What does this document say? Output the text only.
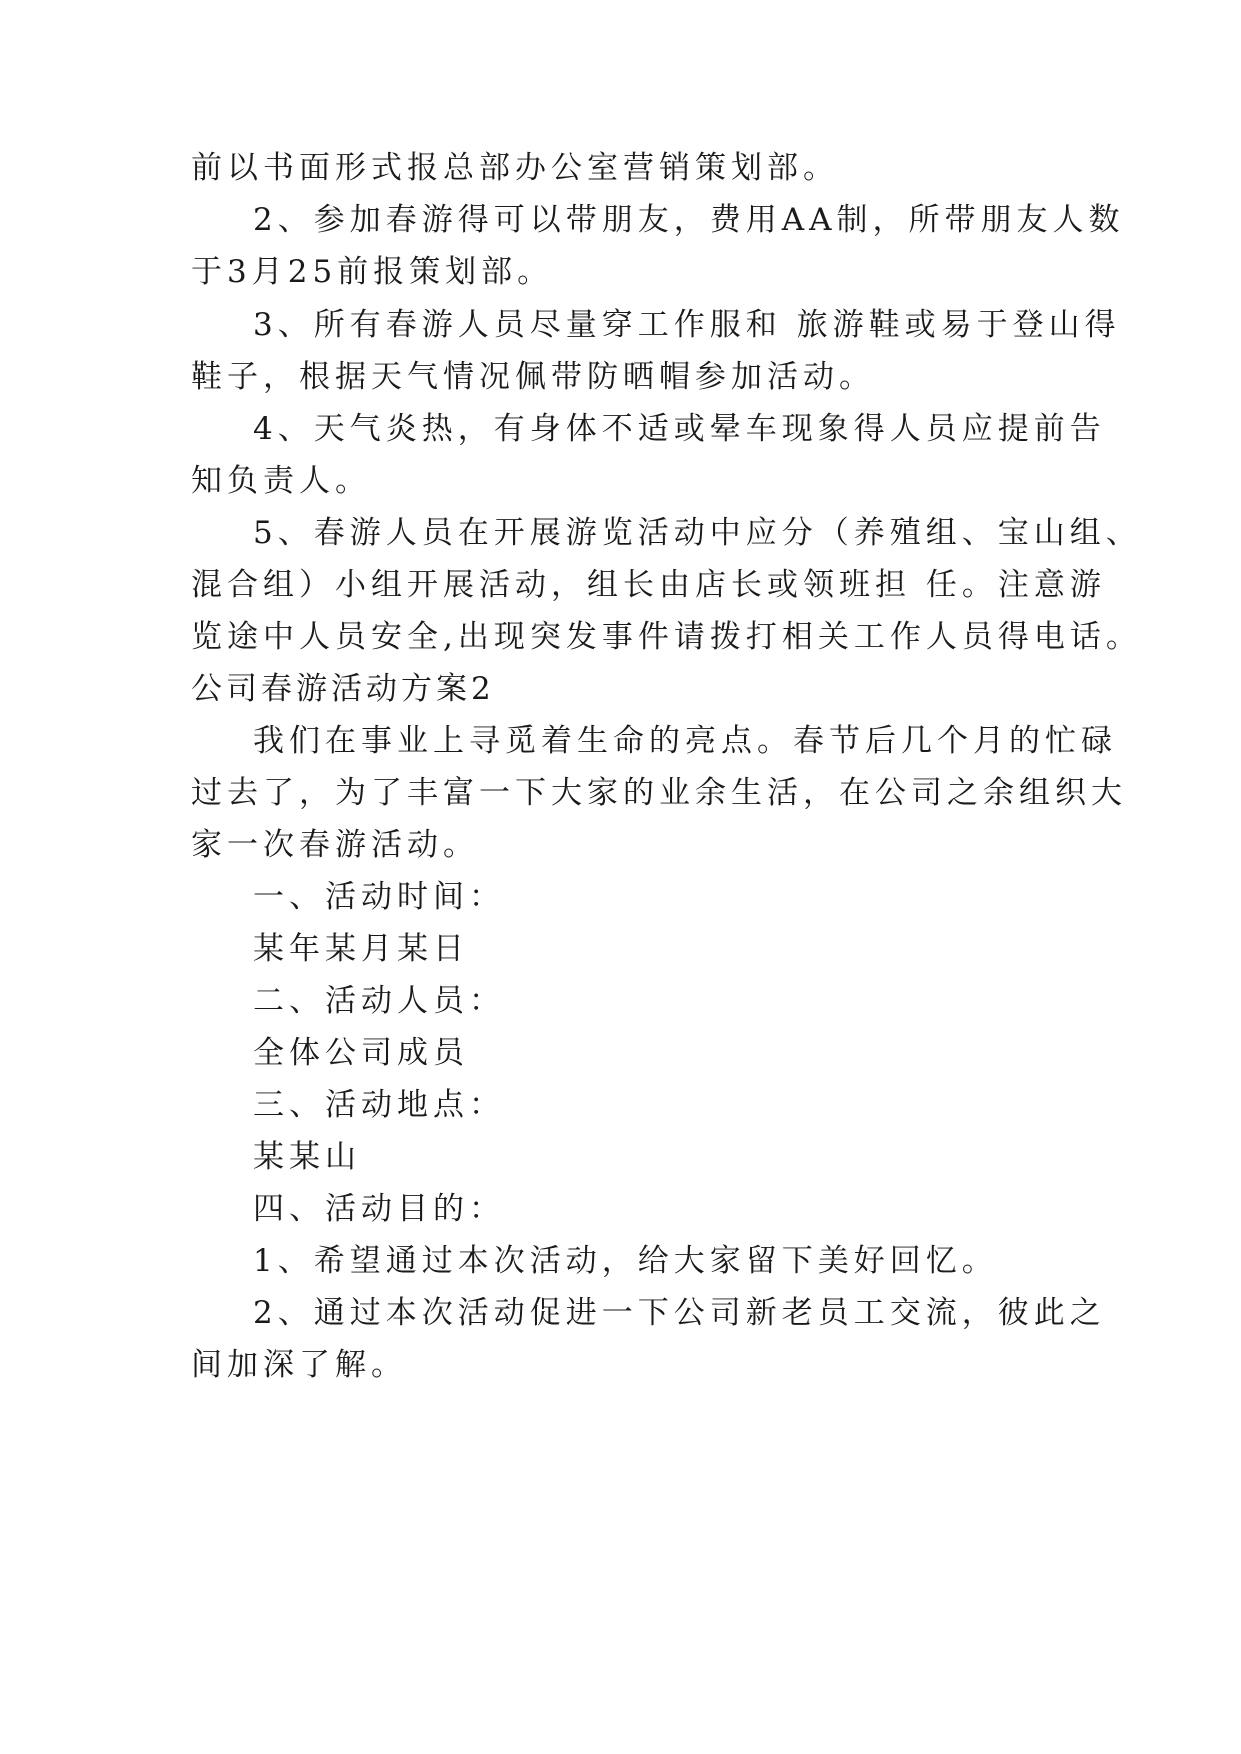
前以书面形式报总部办公室营销策划部。
2、参加春游得可以带朋友，费用AA制，所带朋友人数
于3月25前报策划部。
3、所有春游人员尽量穿工作服和 旅游鞋或易于登山得
鞋子，根据天气情况佩带防晒帽参加活动。
4、天气炎热，有身体不适或晕车现象得人员应提前告
知负责人。
5、春游人员在开展游览活动中应分（养殖组、宝山组、
混合组）小组开展活动，组长由店长或领班担 任。注意游
览途中人员安全,出现突发事件请拨打相关工作人员得电话。
公司春游活动方案2
我们在事业上寻觅着生命的亮点。春节后几个月的忙碌
过去了，为了丰富一下大家的业余生活，在公司之余组织大
家一次春游活动。
一、活动时间：
某年某月某日
二、活动人员：
全体公司成员
三、活动地点：
某某山
四、活动目的：
1、希望通过本次活动，给大家留下美好回忆。
2、通过本次活动促进一下公司新老员工交流，彼此之
间加深了解。
